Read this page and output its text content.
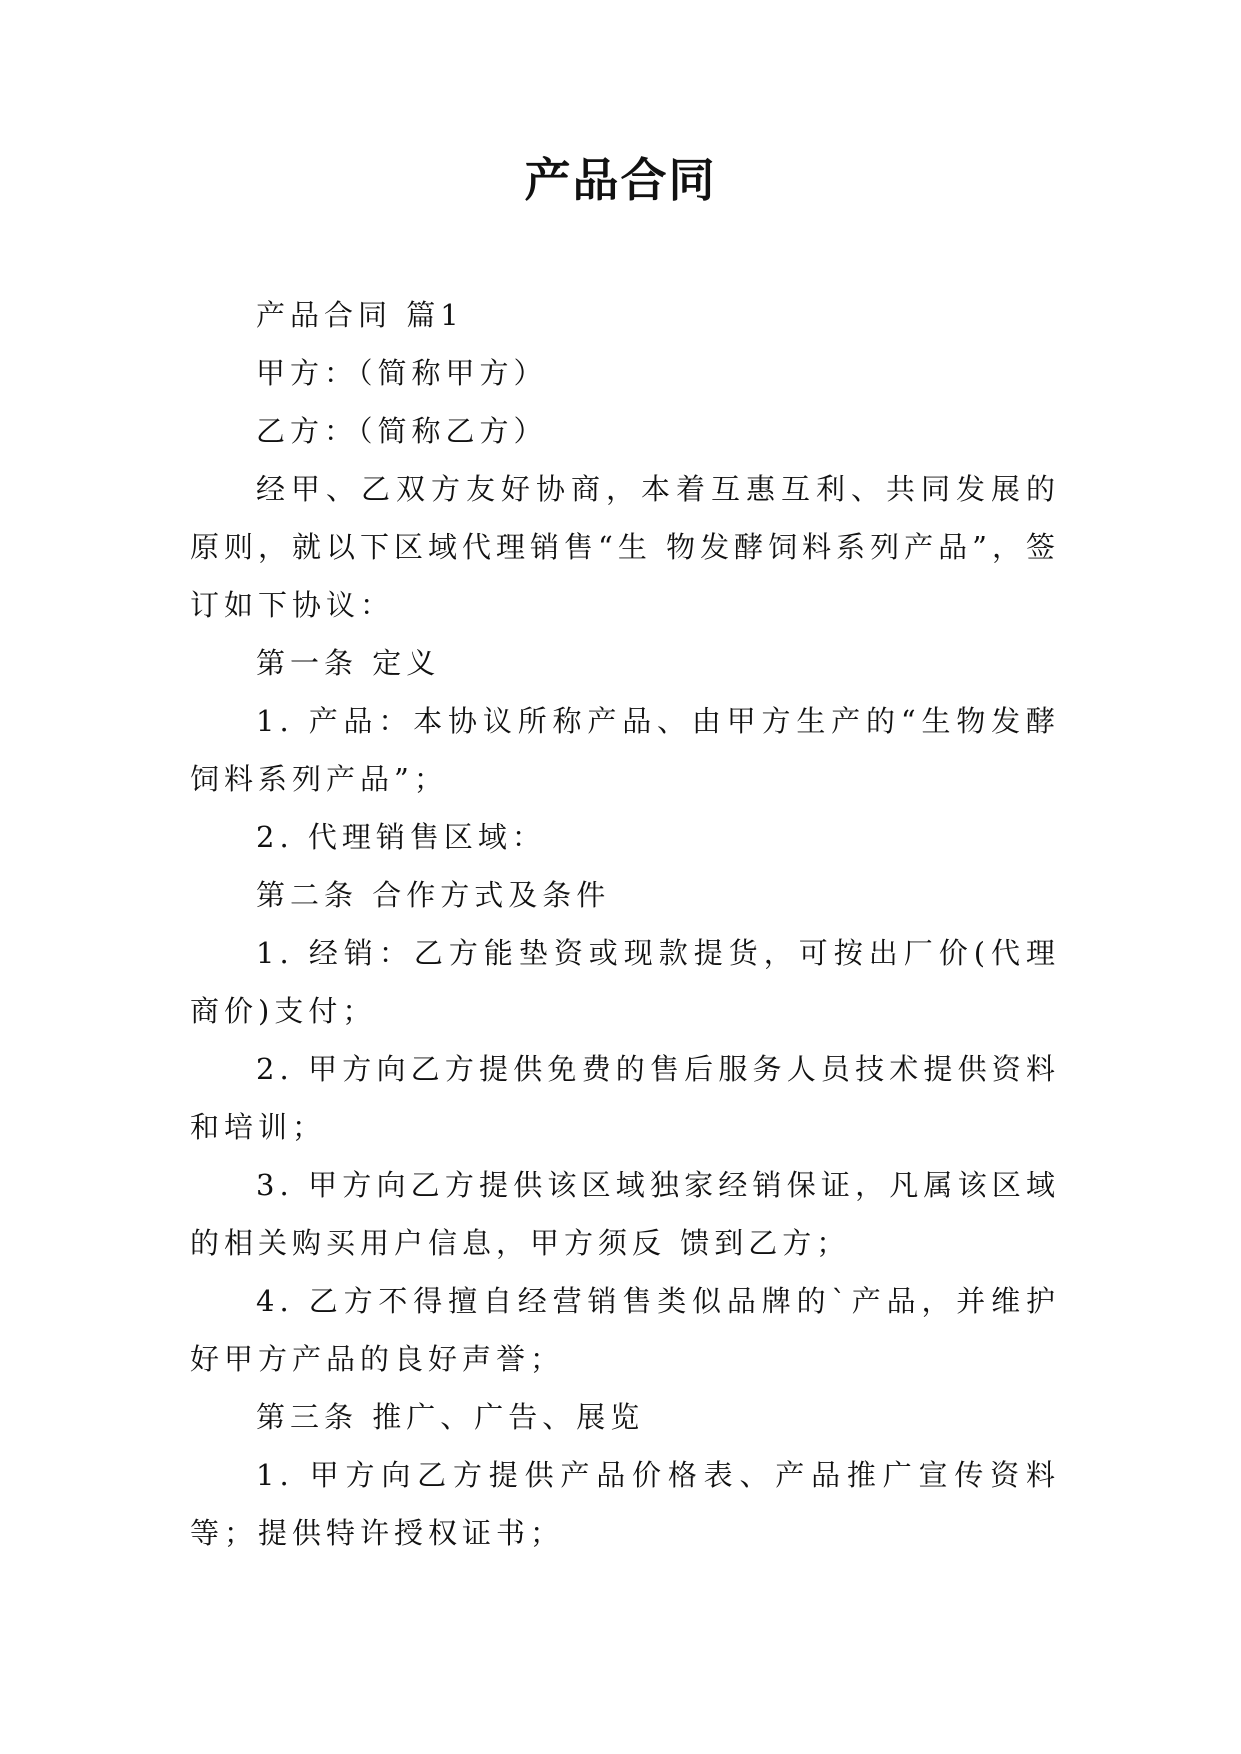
产品合同

产品合同 篇1

甲方：（简称甲方）

乙方：（简称乙方）

经甲、乙双方友好协商，本着互惠互利、共同发展的原则，就以下区域代理销售“生 物发酵饲料系列产品”，签订如下协议：

第一条 定义

1. 产品：本协议所称产品、由甲方生产的“生物发酵饲料系列产品”；

2. 代理销售区域：

第二条 合作方式及条件

1. 经销：乙方能垫资或现款提货，可按出厂价(代理商价)支付；

2. 甲方向乙方提供免费的售后服务人员技术提供资料和培训；

3. 甲方向乙方提供该区域独家经销保证，凡属该区域的相关购买用户信息，甲方须反 馈到乙方；

4. 乙方不得擅自经营销售类似品牌的`产品，并维护好甲方产品的良好声誉；

第三条 推广、广告、展览

1. 甲方向乙方提供产品价格表、产品推广宣传资料等；提供特许授权证书；
